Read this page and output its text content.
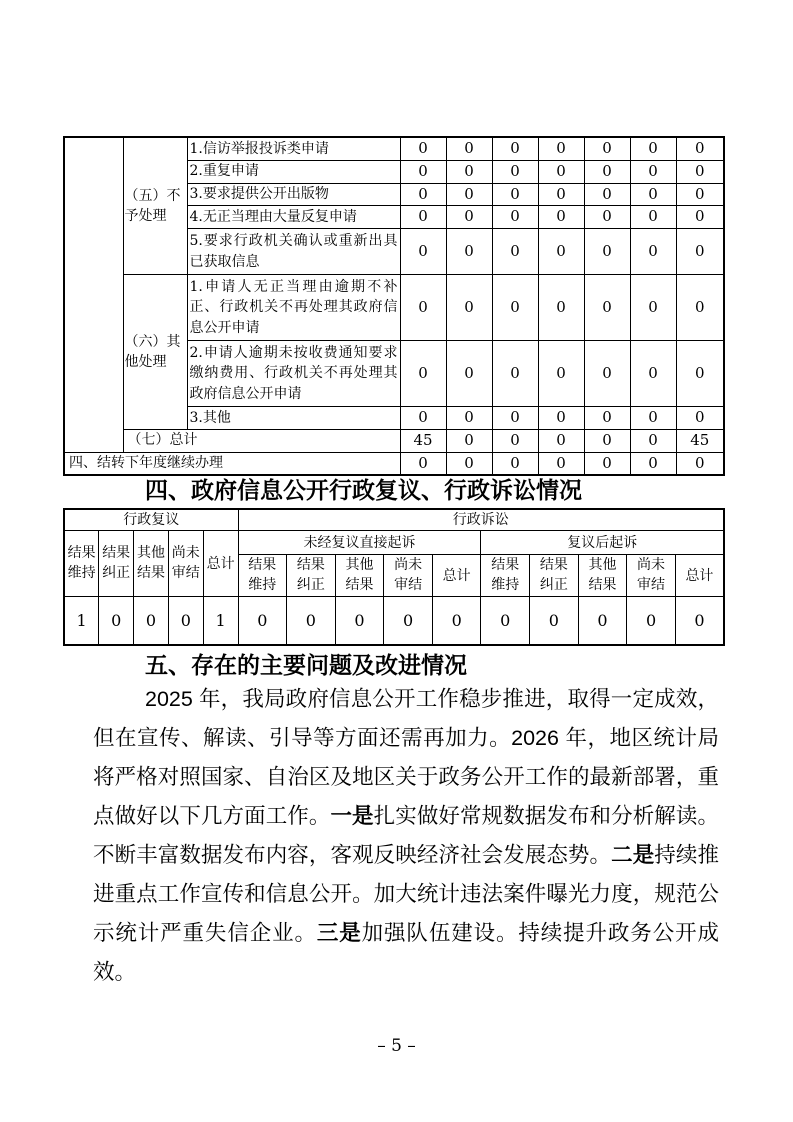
	（五）不予处理	1.信访举报投诉类申请	0	0	0	0	0	0	0
		2.重复申请	0	0	0	0	0	0	0
		3.要求提供公开出版物	0	0	0	0	0	0	0
		4.无正当理由大量反复申请	0	0	0	0	0	0	0
		5.要求行政机关确认或重新出具已获取信息	0	0	0	0	0	0	0
	（六）其他处理	1.申请人无正当理由逾期不补正、行政机关不再处理其政府信息公开申请	0	0	0	0	0	0	0
		2.申请人逾期未按收费通知要求缴纳费用、行政机关不再处理其政府信息公开申请	0	0	0	0	0	0	0
		3.其他	0	0	0	0	0	0	0
	（七）总计		45	0	0	0	0	0	45
四、结转下年度继续办理			0	0	0	0	0	0	0
四、政府信息公开行政复议、行政诉讼情况
行政复议					行政诉讼									
结果维持	结果纠正	其他结果	尚未审结	总计	未经复议直接起诉					复议后起诉				
					结果维持	结果纠正	其他结果	尚未审结	总计	结果维持	结果纠正	其他结果	尚未审结	总计
1	0	0	0	1	0	0	0	0	0	0	0	0	0	0
五、存在的主要问题及改进情况
2025 年，我局政府信息公开工作稳步推进，取得一定成效，但在宣传、解读、引导等方面还需再加力。2026 年，地区统计局将严格对照国家、自治区及地区关于政务公开工作的最新部署，重点做好以下几方面工作。一是扎实做好常规数据发布和分析解读。不断丰富数据发布内容，客观反映经济社会发展态势。二是持续推进重点工作宣传和信息公开。加大统计违法案件曝光力度，规范公示统计严重失信企业。三是加强队伍建设。持续提升政务公开成效。
– 5 –
